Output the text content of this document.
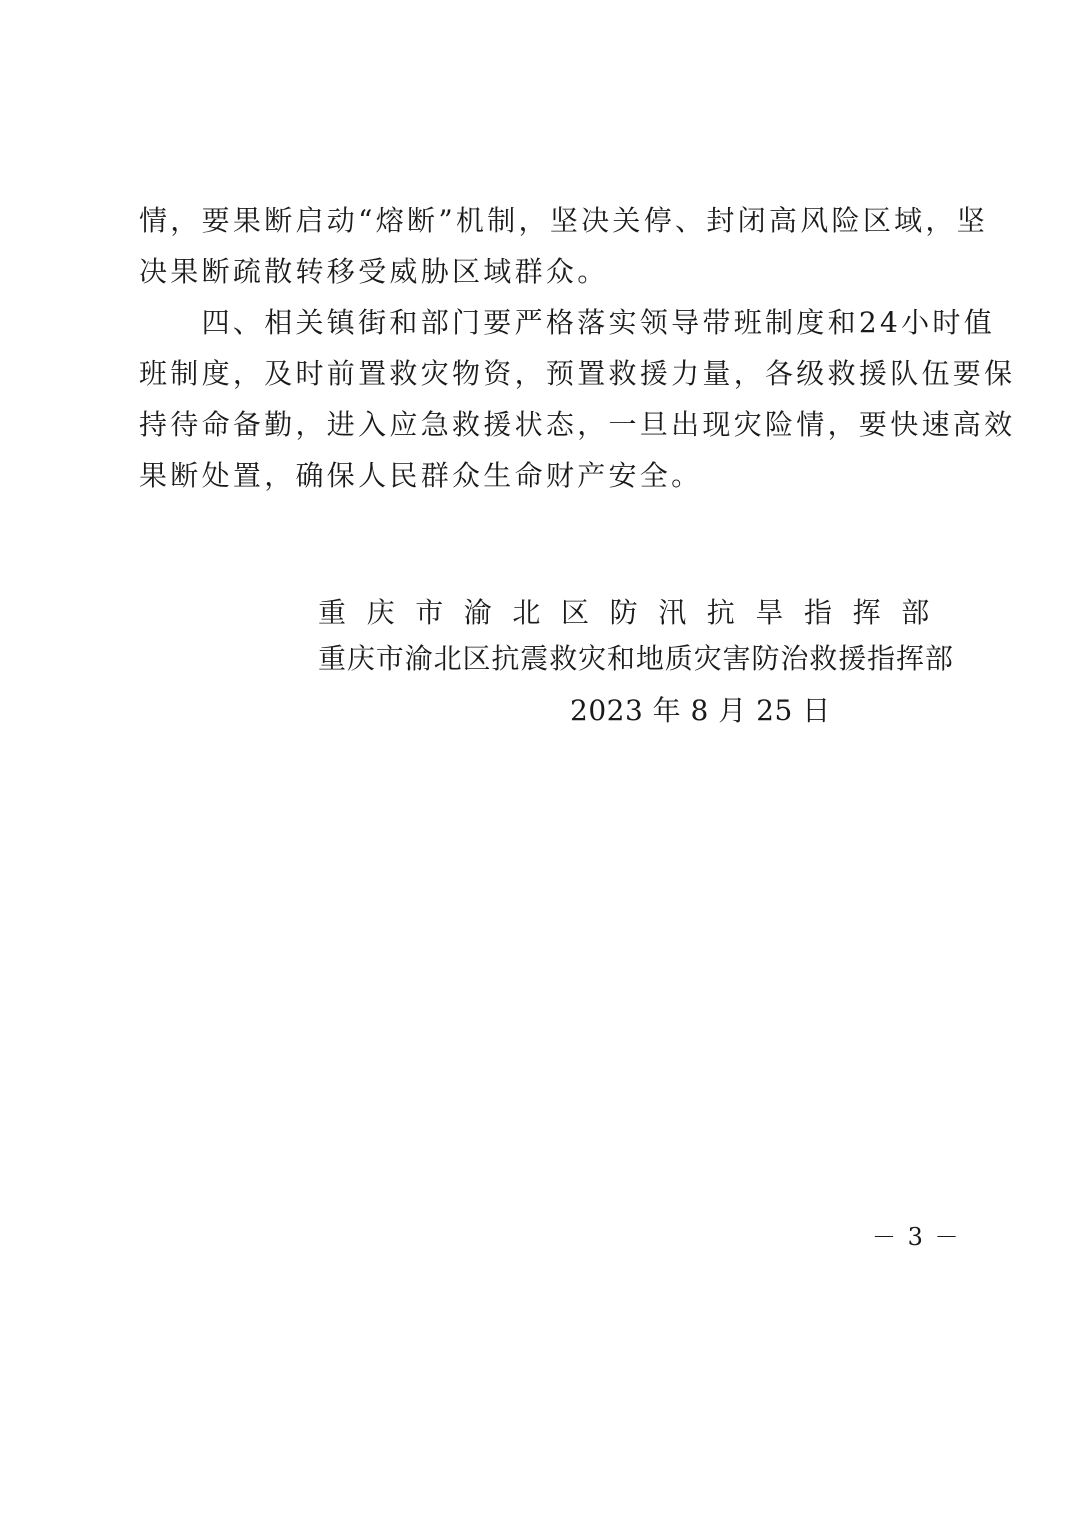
情，要果断启动“熔断”机制，坚决关停、封闭高风险区域，坚

决果断疏散转移受威胁区域群众。

　　四、相关镇街和部门要严格落实领导带班制度和24小时值

班制度，及时前置救灾物资，预置救援力量，各级救援队伍要保

持待命备勤，进入应急救援状态，一旦出现灾险情，要快速高效

果断处置，确保人民群众生命财产安全。

重庆市渝北区防汛抗旱指挥部

重庆市渝北区抗震救灾和地质灾害防治救援指挥部

2023 年 8 月 25 日

－ 3 －
